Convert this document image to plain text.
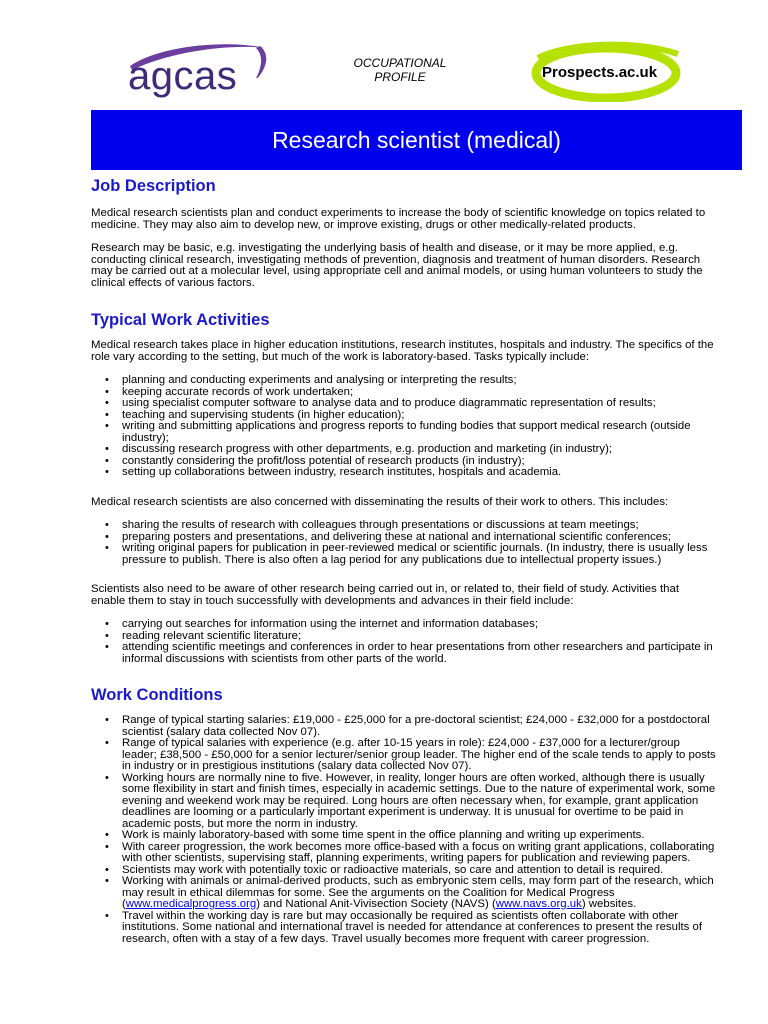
agcas	OCCUPATIONAL
PROFILE	Prospects.ac.uk
Research scientist (medical)
Job Description

Medical research scientists plan and conduct experiments to increase the body of scientific knowledge on topics related to medicine. They may also aim to develop new, or improve existing, drugs or other medically-related products.

Research may be basic, e.g. investigating the underlying basis of health and disease, or it may be more applied, e.g. conducting clinical research, investigating methods of prevention, diagnosis and treatment of human disorders. Research may be carried out at a molecular level, using appropriate cell and animal models, or using human volunteers to study the clinical effects of various factors.

Typical Work Activities

Medical research takes place in higher education institutions, research institutes, hospitals and industry. The specifics of the role vary according to the setting, but much of the work is laboratory-based. Tasks typically include:

• planning and conducting experiments and analysing or interpreting the results;
• keeping accurate records of work undertaken;
• using specialist computer software to analyse data and to produce diagrammatic representation of results;
• teaching and supervising students (in higher education);
• writing and submitting applications and progress reports to funding bodies that support medical research (outside industry);
• discussing research progress with other departments, e.g. production and marketing (in industry);
• constantly considering the profit/loss potential of research products (in industry);
• setting up collaborations between industry, research institutes, hospitals and academia.

Medical research scientists are also concerned with disseminating the results of their work to others. This includes:

• sharing the results of research with colleagues through presentations or discussions at team meetings;
• preparing posters and presentations, and delivering these at national and international scientific conferences;
• writing original papers for publication in peer-reviewed medical or scientific journals. (In industry, there is usually less pressure to publish. There is also often a lag period for any publications due to intellectual property issues.)

Scientists also need to be aware of other research being carried out in, or related to, their field of study. Activities that enable them to stay in touch successfully with developments and advances in their field include:

• carrying out searches for information using the internet and information databases;
• reading relevant scientific literature;
• attending scientific meetings and conferences in order to hear presentations from other researchers and participate in informal discussions with scientists from other parts of the world.
Work Conditions
• Range of typical starting salaries: £19,000 - £25,000 for a pre-doctoral scientist; £24,000 - £32,000 for a postdoctoral scientist (salary data collected Nov 07).
• Range of typical salaries with experience (e.g. after 10-15 years in role): £24,000 - £37,000 for a lecturer/group leader; £38,500 - £50,000 for a senior lecturer/senior group leader. The higher end of the scale tends to apply to posts in industry or in prestigious institutions (salary data collected Nov 07).
• Working hours are normally nine to five. However, in reality, longer hours are often worked, although there is usually some flexibility in start and finish times, especially in academic settings. Due to the nature of experimental work, some evening and weekend work may be required. Long hours are often necessary when, for example, grant application deadlines are looming or a particularly important experiment is underway. It is unusual for overtime to be paid in academic posts, but more the norm in industry.
• Work is mainly laboratory-based with some time spent in the office planning and writing up experiments.
• With career progression, the work becomes more office-based with a focus on writing grant applications, collaborating with other scientists, supervising staff, planning experiments, writing papers for publication and reviewing papers.
• Scientists may work with potentially toxic or radioactive materials, so care and attention to detail is required.
• Working with animals or animal-derived products, such as embryonic stem cells, may form part of the research, which may result in ethical dilemmas for some. See the arguments on the Coalition for Medical Progress (www.medicalprogress.org) and National Anit-Vivisection Society (NAVS) (www.navs.org.uk) websites.
• Travel within the working day is rare but may occasionally be required as scientists often collaborate with other institutions. Some national and international travel is needed for attendance at conferences to present the results of research, often with a stay of a few days. Travel usually becomes more frequent with career progression.
